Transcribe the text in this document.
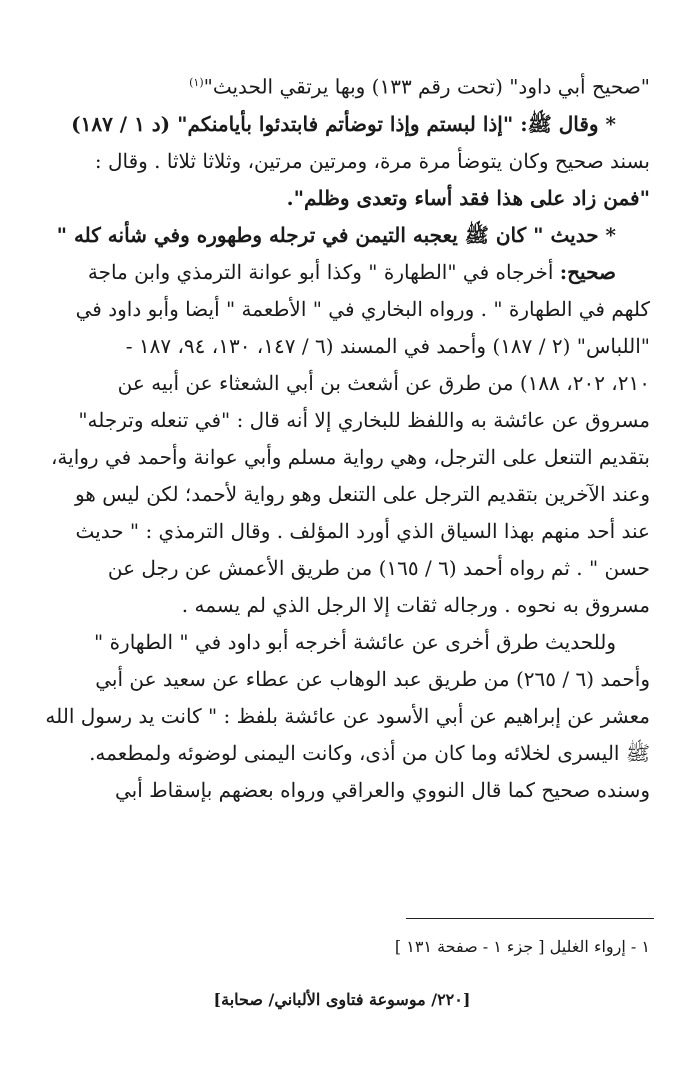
"صحيح أبي داود" (تحت رقم ١٣٣) وبها يرتقي الحديث"$^{(١)}$

* وقال ﷺ: "إذا لبستم وإذا توضأتم فابتدئوا بأيامنكم" (د ١ / ١٨٧)

بسند صحيح وكان يتوضأ مرة مرة، ومرتين مرتين، وثلاثا ثلاثا . وقال :

"فمن زاد على هذا فقد أساء وتعدى وظلم".

* حديث " كان ﷺ يعجبه التيمن في ترجله وطهوره وفي شأنه كله "

صحيح: أخرجاه في "الطهارة " وكذا أبو عوانة الترمذي وابن ماجة

كلهم في الطهارة " . ورواه البخاري في " الأطعمة " أيضا وأبو داود في

"اللباس" (٢ / ١٨٧) وأحمد في المسند (٦ / ١٤٧، ١٣٠، ٩٤، ١٨٧ -

٢١٠، ٢٠٢، ١٨٨) من طرق عن أشعث بن أبي الشعثاء عن أبيه عن

مسروق عن عائشة به واللفظ للبخاري إلا أنه قال : "في تنعله وترجله"

بتقديم التنعل على الترجل، وهي رواية مسلم وأبي عوانة وأحمد في رواية،

وعند الآخرين بتقديم الترجل على التنعل وهو رواية لأحمد؛ لكن ليس هو

عند أحد منهم بهذا السياق الذي أورد المؤلف . وقال الترمذي : " حديث

حسن " . ثم رواه أحمد (٦ / ١٦٥) من طريق الأعمش عن رجل عن

مسروق به نحوه . ورجاله ثقات إلا الرجل الذي لم يسمه .

وللحديث طرق أخرى عن عائشة أخرجه أبو داود في " الطهارة "

وأحمد (٦ / ٢٦٥) من طريق عبد الوهاب عن عطاء عن سعيد عن أبي

معشر عن إبراهيم عن أبي الأسود عن عائشة بلفظ : " كانت يد رسول الله

ﷺ اليسرى لخلائه وما كان من أذى، وكانت اليمنى لوضوئه ولمطعمه.

وسنده صحيح كما قال النووي والعراقي ورواه بعضهم بإسقاط أبي

١ - إرواء الغليل [ جزء ١ - صفحة ١٣١ ]
[٢٢٠/ موسوعة فتاوى الألباني/ صحابة]
